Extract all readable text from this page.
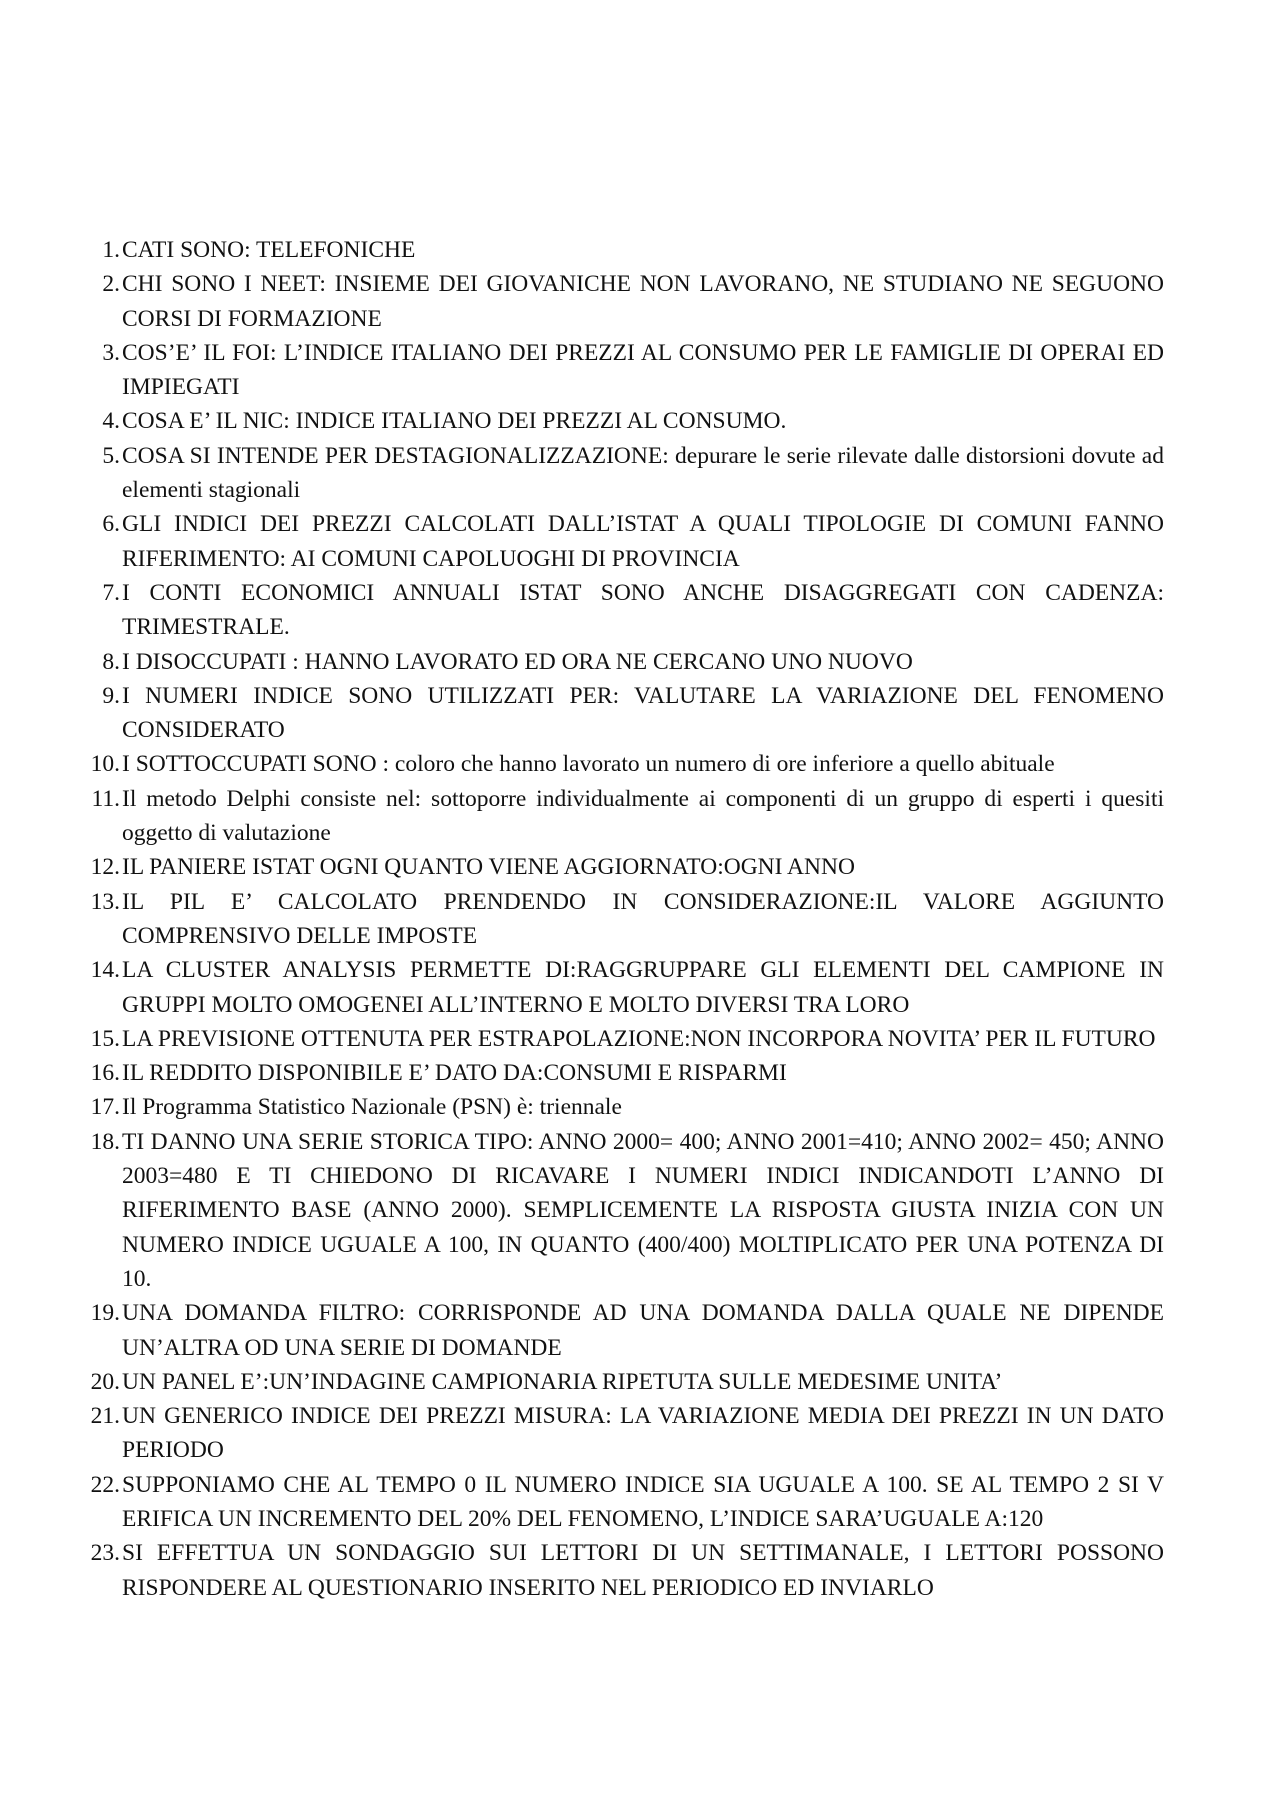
1. CATI SONO: TELEFONICHE
2. CHI SONO I NEET: INSIEME DEI GIOVANICHE NON LAVORANO, NE STUDIANO NE SEGUONO CORSI DI FORMAZIONE
3. COS’E’ IL FOI: L’INDICE ITALIANO DEI PREZZI AL CONSUMO PER LE FAMIGLIE DI OPERAI ED IMPIEGATI
4. COSA E’ IL NIC: INDICE ITALIANO DEI PREZZI AL CONSUMO.
5. COSA SI INTENDE PER DESTAGIONALIZZAZIONE: depurare le serie rilevate dalle distorsioni dovute ad elementi stagionali
6. GLI INDICI DEI PREZZI CALCOLATI DALL’ISTAT A QUALI TIPOLOGIE DI COMUNI FANNO RIFERIMENTO: AI COMUNI CAPOLUOGHI DI PROVINCIA
7. I CONTI ECONOMICI ANNUALI ISTAT SONO ANCHE DISAGGREGATI CON CADENZA: TRIMESTRALE.
8. I DISOCCUPATI : HANNO LAVORATO ED ORA NE CERCANO UNO NUOVO
9. I NUMERI INDICE SONO UTILIZZATI PER: VALUTARE LA VARIAZIONE DEL FENOMENO CONSIDERATO
10. I SOTTOCCUPATI SONO : coloro che hanno lavorato un numero di ore inferiore a quello abituale
11. Il metodo Delphi consiste nel: sottoporre individualmente ai componenti di un gruppo di esperti i quesiti oggetto di valutazione
12. IL PANIERE ISTAT OGNI QUANTO VIENE AGGIORNATO:OGNI ANNO
13. IL PIL E’ CALCOLATO PRENDENDO IN CONSIDERAZIONE:IL VALORE AGGIUNTO COMPRENSIVO DELLE IMPOSTE
14. LA CLUSTER ANALYSIS PERMETTE DI:RAGGRUPPARE GLI ELEMENTI DEL CAMPIONE IN GRUPPI MOLTO OMOGENEI ALL’INTERNO E MOLTO DIVERSI TRA LORO
15. LA PREVISIONE OTTENUTA PER ESTRAPOLAZIONE:NON INCORPORA NOVITA’ PER IL FUTURO
16. IL REDDITO DISPONIBILE E’ DATO DA:CONSUMI E RISPARMI
17. Il Programma Statistico Nazionale (PSN) è: triennale
18. TI DANNO UNA SERIE STORICA TIPO: ANNO 2000= 400; ANNO 2001=410; ANNO 2002= 450; ANNO 2003=480 E TI CHIEDONO DI RICAVARE I NUMERI INDICI INDICANDOTI L’ANNO DI RIFERIMENTO BASE (ANNO 2000). SEMPLICEMENTE LA RISPOSTA GIUSTA INIZIA CON UN NUMERO INDICE UGUALE A 100, IN QUANTO (400/400) MOLTIPLICATO PER UNA POTENZA DI 10.
19. UNA DOMANDA FILTRO: CORRISPONDE AD UNA DOMANDA DALLA QUALE NE DIPENDE UN’ALTRA OD UNA SERIE DI DOMANDE
20. UN PANEL E’:UN’INDAGINE CAMPIONARIA RIPETUTA SULLE MEDESIME UNITA’
21. UN GENERICO INDICE DEI PREZZI MISURA: LA VARIAZIONE MEDIA DEI PREZZI IN UN DATO PERIODO
22. SUPPONIAMO CHE AL TEMPO 0 IL NUMERO INDICE SIA UGUALE A 100. SE AL TEMPO 2 SI V ERIFICA UN INCREMENTO DEL 20% DEL FENOMENO, L’INDICE SARA’UGUALE A:120
23. SI EFFETTUA UN SONDAGGIO SUI LETTORI DI UN SETTIMANALE, I LETTORI POSSONO RISPONDERE AL QUESTIONARIO INSERITO NEL PERIODICO ED INVIARLO
